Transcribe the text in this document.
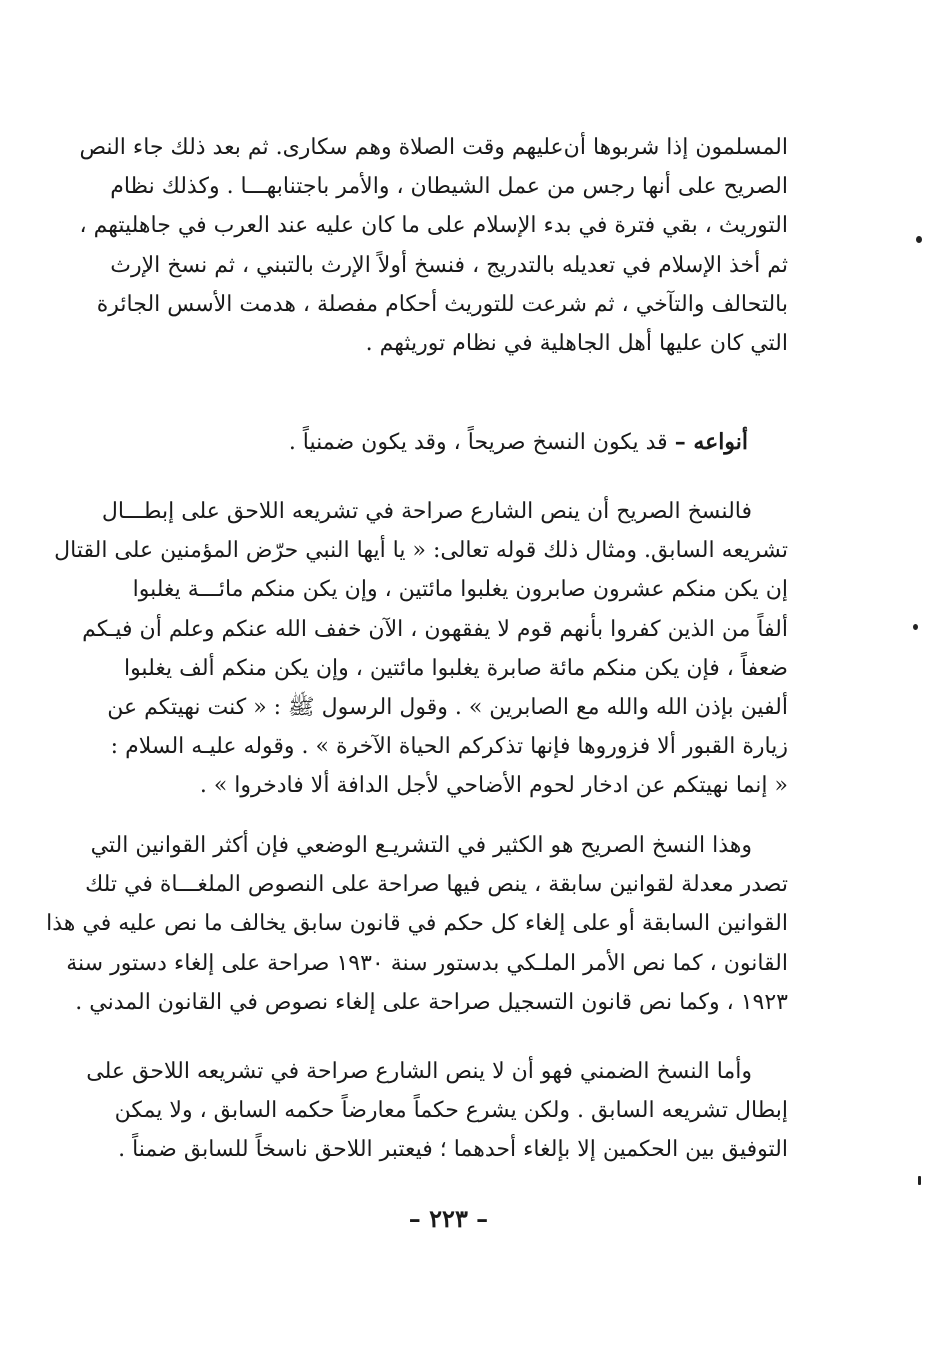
المسلمون إذا شربوها أن‌عليهم وقت الصلاة وهم سكارى. ثم بعد ذلك جاء النص

الصريح على أنها رجس من عمل الشيطان ، والأمر باجتنابهـــا . وكذلك نظام

التوريث ، بقي فترة في بدء الإسلام على ما كان عليه عند العرب في جاهليتهم ،

ثم أخذ الإسلام في تعديله بالتدريج ، فنسخ أولاً الإرث بالتبني ، ثم نسخ الإرث

بالتحالف والتآخي ، ثم شرعت للتوريث أحكام مفصلة ، هدمت الأسس الجائرة

التي كان عليها أهل الجاهلية في نظام توريثهم .

أنواعه – قد يكون النسخ صريحاً ، وقد يكون ضمنياً .

فالنسخ الصريح أن ينص الشارع صراحة في تشريعه اللاحق على إبطـــال

تشريعه السابق. ومثال ذلك قوله تعالى: « يا أيها النبي حرّض المؤمنين على القتال

إن يكن منكم عشرون صابرون يغلبوا مائتين ، وإن يكن منكم مائـــة يغلبوا

ألفاً من الذين كفروا بأنهم قوم لا يفقهون ، الآن خفف الله عنكم وعلم أن فيـكم

ضعفاً ، فإن يكن منكم مائة صابرة يغلبوا مائتين ، وإن يكن منكم ألف يغلبوا

ألفين بإذن الله والله مع الصابرين » . وقول الرسول ﷺ : « كنت نهيتكم عن

زيارة القبور ألا فزوروها فإنها تذكركم الحياة الآخرة » . وقوله عليـه السلام :

« إنما نهيتكم عن ادخار لحوم الأضاحي لأجل الدافة ألا فادخروا » .

وهذا النسخ الصريح هو الكثير في التشريـع الوضعي فإن أكثر القوانين التي

تصدر معدلة لقوانين سابقة ، ينص فيها صراحة على النصوص الملغـــاة في تلك

القوانين السابقة أو على إلغاء كل حكم في قانون سابق يخالف ما نص عليه في هذا

القانون ، كما نص الأمر الملـكي بدستور سنة ١٩٣٠ صراحة على إلغاء دستور سنة

١٩٢٣ ، وكما نص قانون التسجيل صراحة على إلغاء نصوص في القانون المدني .

وأما النسخ الضمني فهو أن لا ينص الشارع صراحة في تشريعه اللاحق على

إبطال تشريعه السابق . ولكن يشرع حكماً معارضاً حكمه السابق ، ولا يمكن

التوفيق بين الحكمين إلا بإلغاء أحدهما ؛ فيعتبر اللاحق ناسخاً للسابق ضمناً .

– ٢٢٣ –
